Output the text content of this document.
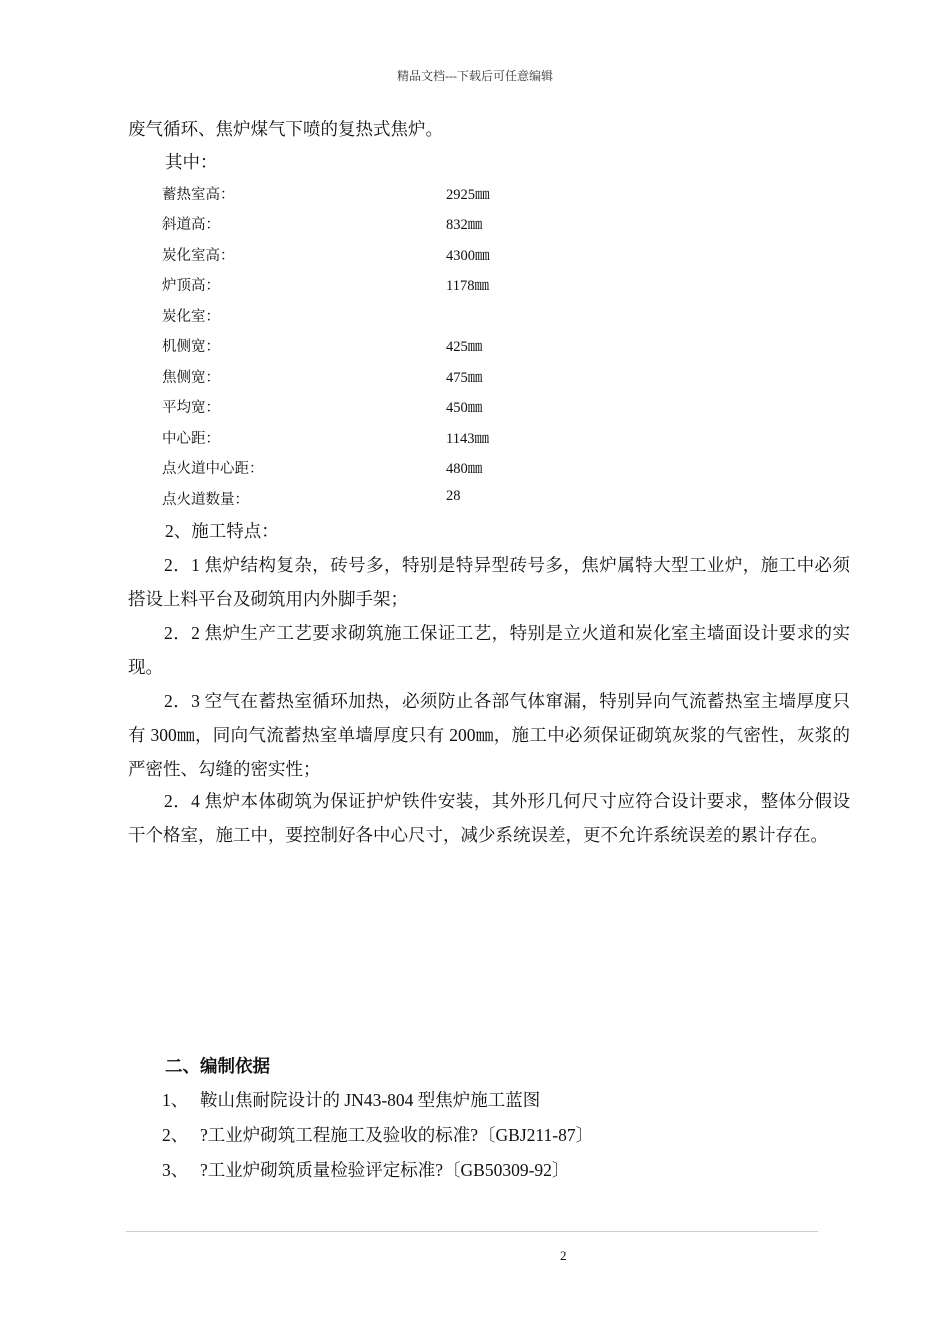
精品文档---下载后可任意编辑
废气循环、焦炉煤气下喷的复热式焦炉。
其中：
蓄热室高：	2925㎜
斜道高：	832㎜
炭化室高：	4300㎜
炉顶高：	1178㎜
炭化室：
机侧宽：	425㎜
焦侧宽：	475㎜
平均宽：	450㎜
中心距：	1143㎜
点火道中心距：	480㎜
点火道数量：	28
2、施工特点：
2．1 焦炉结构复杂，砖号多，特别是特异型砖号多，焦炉属特大型工业炉，施工中必须搭设上料平台及砌筑用内外脚手架；
2．2 焦炉生产工艺要求砌筑施工保证工艺，特别是立火道和炭化室主墙面设计要求的实现。
2．3 空气在蓄热室循环加热，必须防止各部气体窜漏，特别异向气流蓄热室主墙厚度只有 300㎜，同向气流蓄热室单墙厚度只有 200㎜，施工中必须保证砌筑灰浆的气密性，灰浆的严密性、勾缝的密实性；
2．4 焦炉本体砌筑为保证护炉铁件安装，其外形几何尺寸应符合设计要求，整体分假设干个格室，施工中，要控制好各中心尺寸，减少系统误差，更不允许系统误差的累计存在。
二、编制依据
1、 鞍山焦耐院设计的 JN43-804 型焦炉施工蓝图
2、 ?工业炉砌筑工程施工及验收的标准?〔GBJ211-87〕
3、 ?工业炉砌筑质量检验评定标准?〔GB50309-92〕
2
